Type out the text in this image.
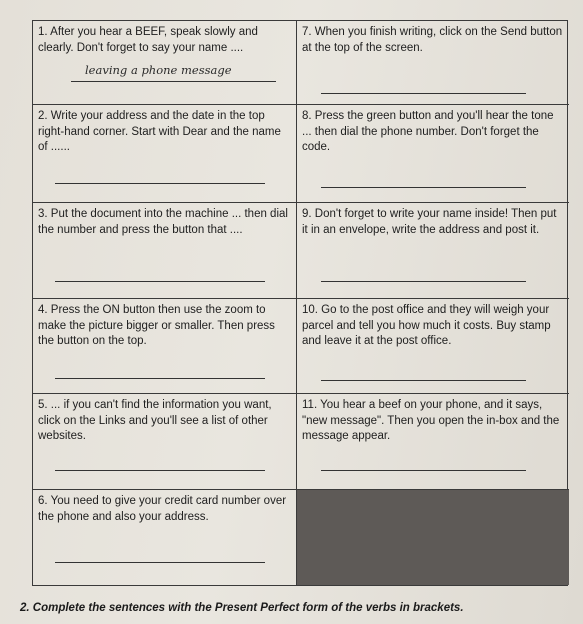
1. After you hear a BEEF, speak slowly and clearly. Don't forget to say your name ....
leaving a phone message
7. When you finish writing, click on the Send button at the top of the screen.
2. Write your address and the date in the top right-hand corner. Start with Dear and the name of ......
8. Press the green button and you'll hear the tone ... then dial the phone number. Don't forget the code.
3. Put the document into the machine ... then dial the number and press the button that ....
9. Don't forget to write your name inside! Then put it in an envelope, write the address and post it.
4. Press the ON button then use the zoom to make the picture bigger or smaller. Then press the button on the top.
10. Go to the post office and they will weigh your parcel and tell you how much it costs. Buy stamp and leave it at the post office.
5. ... if you can't find the information you want, click on the Links and you'll see a list of other websites.
11. You hear a beef on your phone, and it says, "new message". Then you open the in-box and the message appear.
6. You need to give your credit card number over the phone and also your address.
2. Complete the sentences with the Present Perfect form of the verbs in brackets.
